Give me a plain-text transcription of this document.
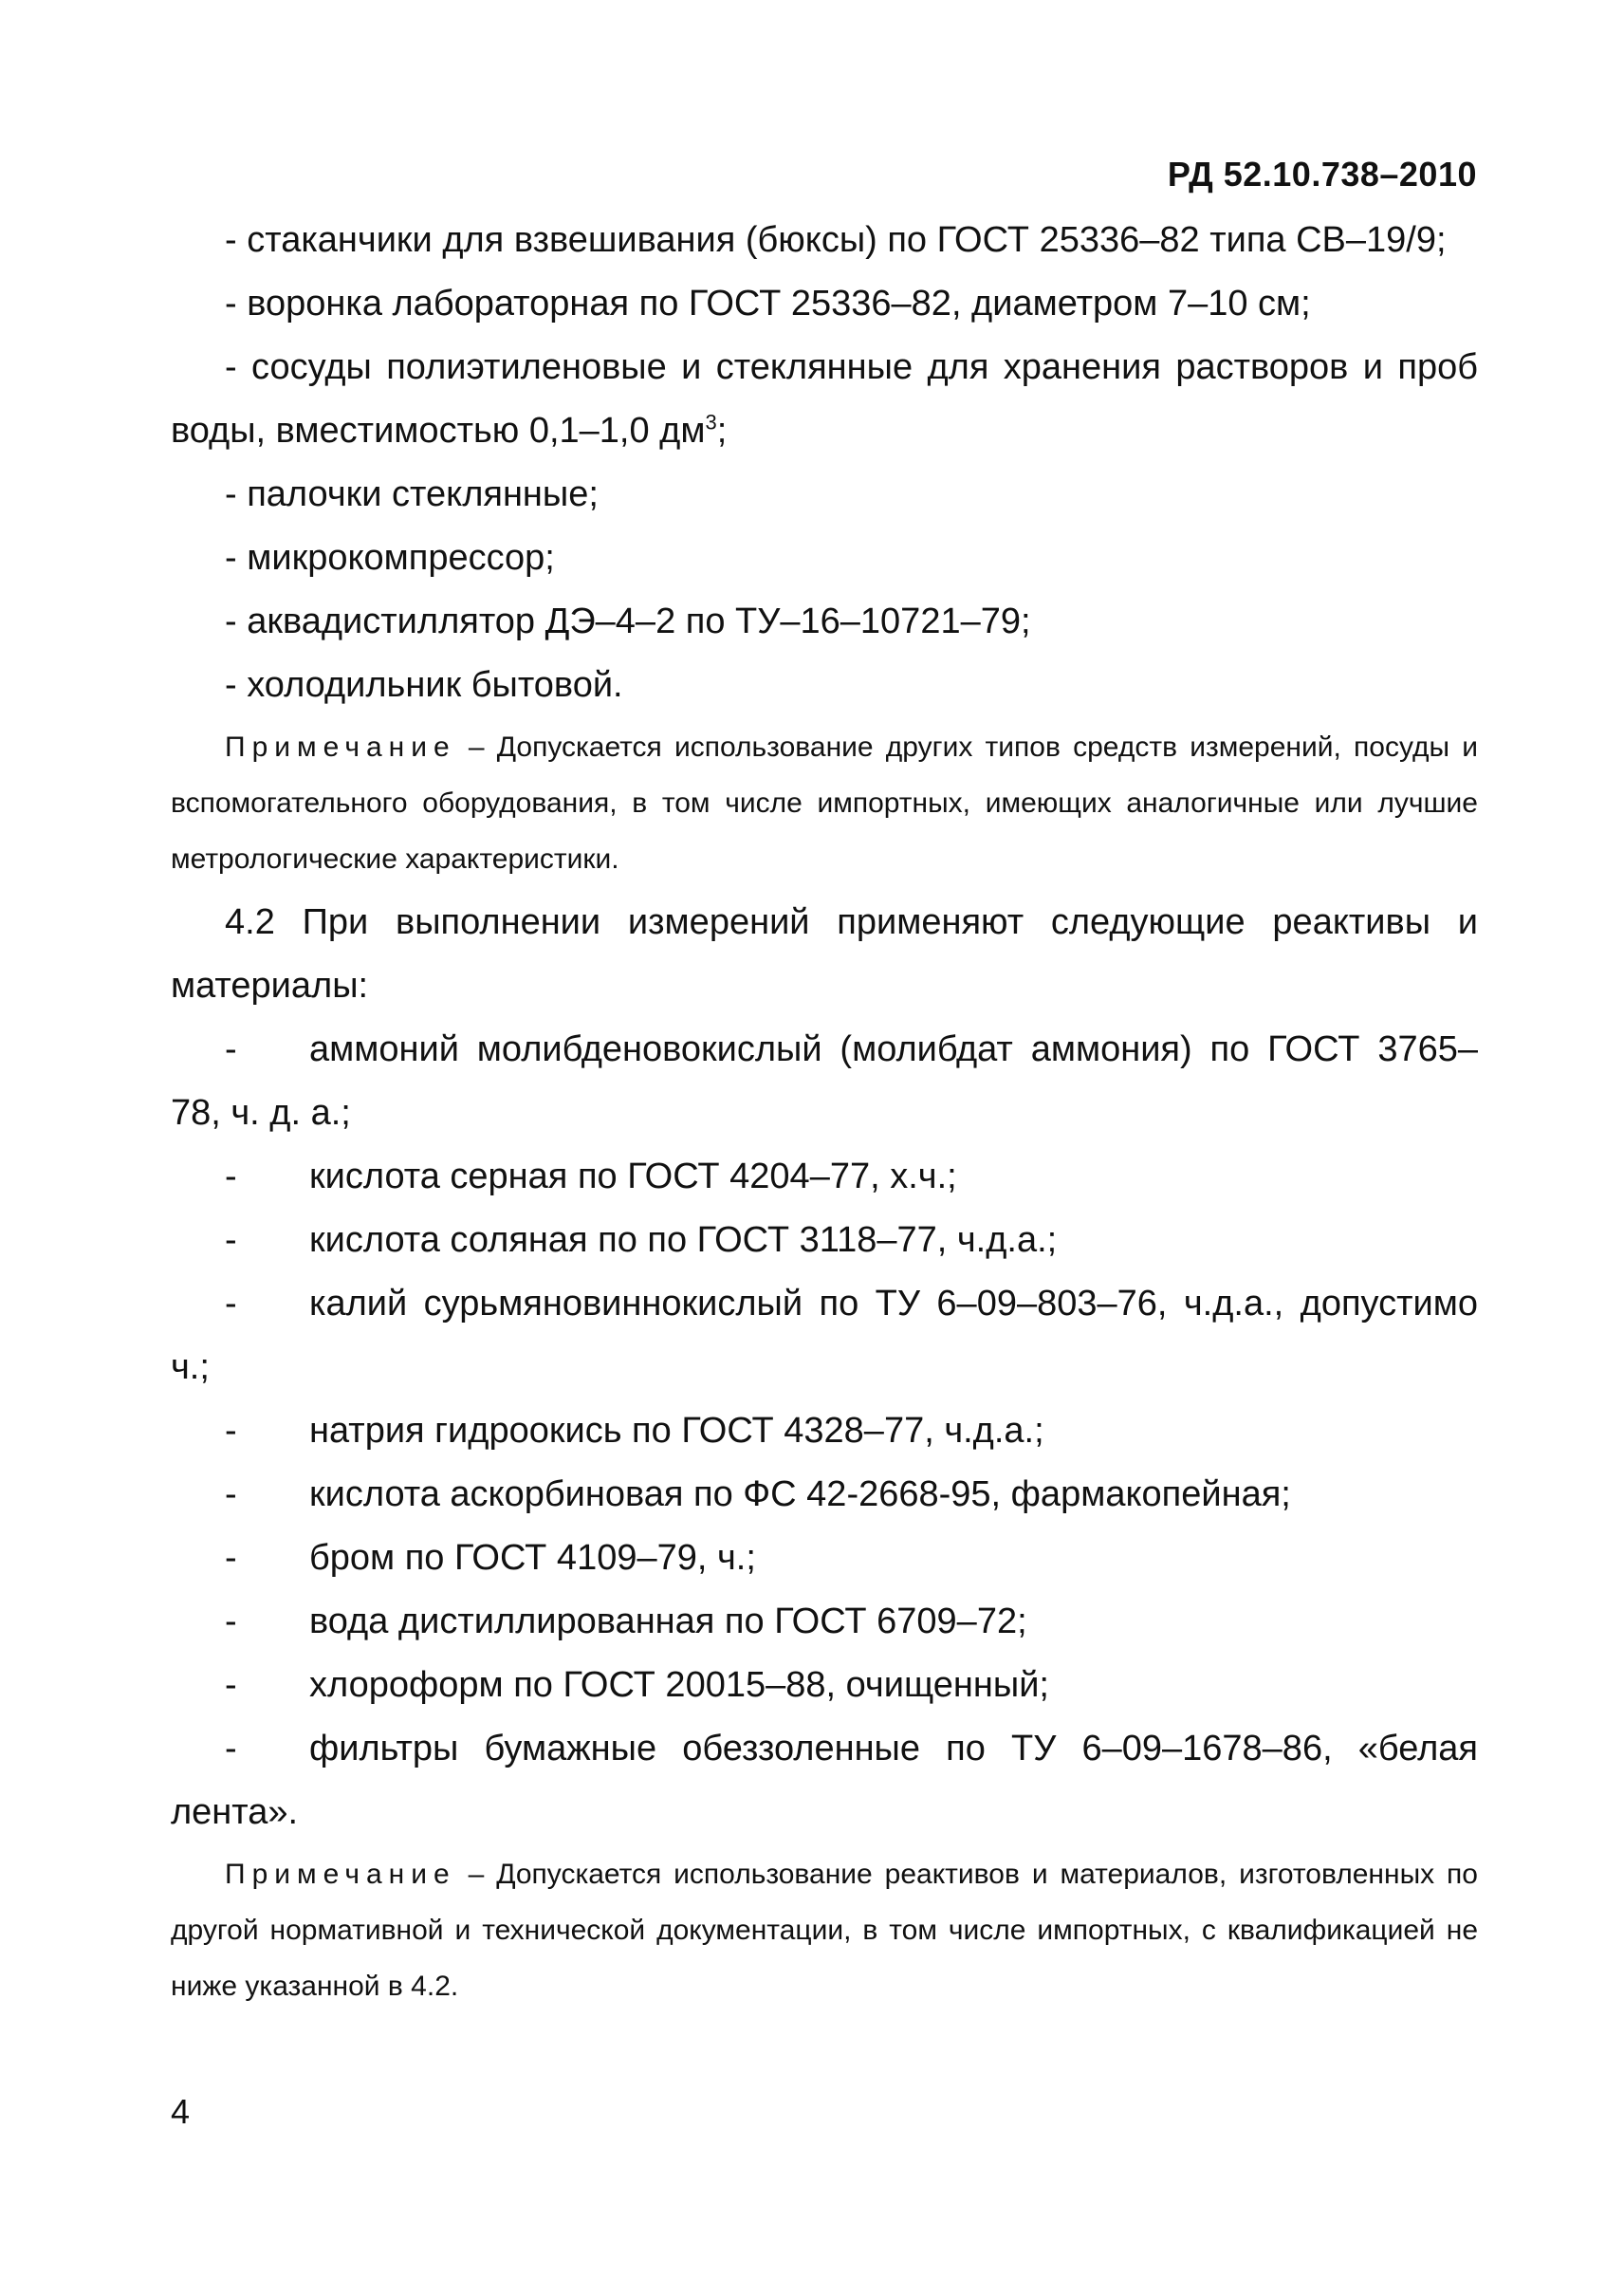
РД 52.10.738–2010
- стаканчики для взвешивания (бюксы) по ГОСТ 25336–82 типа СВ–19/9;
- воронка лабораторная по ГОСТ 25336–82, диаметром 7–10 см;
- сосуды полиэтиленовые и стеклянные для хранения растворов и проб воды, вместимостью 0,1–1,0 $дм^3$;
- палочки стеклянные;
- микрокомпрессор;
- аквадистиллятор ДЭ–4–2 по ТУ–16–10721–79;
- холодильник бытовой.
Примечание – Допускается использование других типов средств измерений, посуды и вспомогательного оборудования, в том числе импортных, имеющих аналогичные или лучшие метрологические характеристики.
4.2 При выполнении измерений применяют следующие реактивы и материалы:
- аммоний молибденовокислый (молибдат аммония) по ГОСТ 3765–78, ч. д. а.;
- кислота серная по ГОСТ 4204–77, х.ч.;
- кислота соляная по по ГОСТ 3118–77, ч.д.а.;
- калий сурьмяновиннокислый по ТУ 6–09–803–76, ч.д.а., допустимо ч.;
- натрия гидроокись по ГОСТ 4328–77, ч.д.а.;
- кислота аскорбиновая по ФС 42-2668-95, фармакопейная;
- бром по ГОСТ 4109–79, ч.;
- вода дистиллированная по ГОСТ 6709–72;
- хлороформ по ГОСТ 20015–88, очищенный;
- фильтры бумажные обеззоленные по ТУ 6–09–1678–86, «белая лента».
Примечание – Допускается использование реактивов и материалов, изготовленных по другой нормативной и технической документации, в том числе импортных, с квалификацией не ниже указанной в 4.2.
4
